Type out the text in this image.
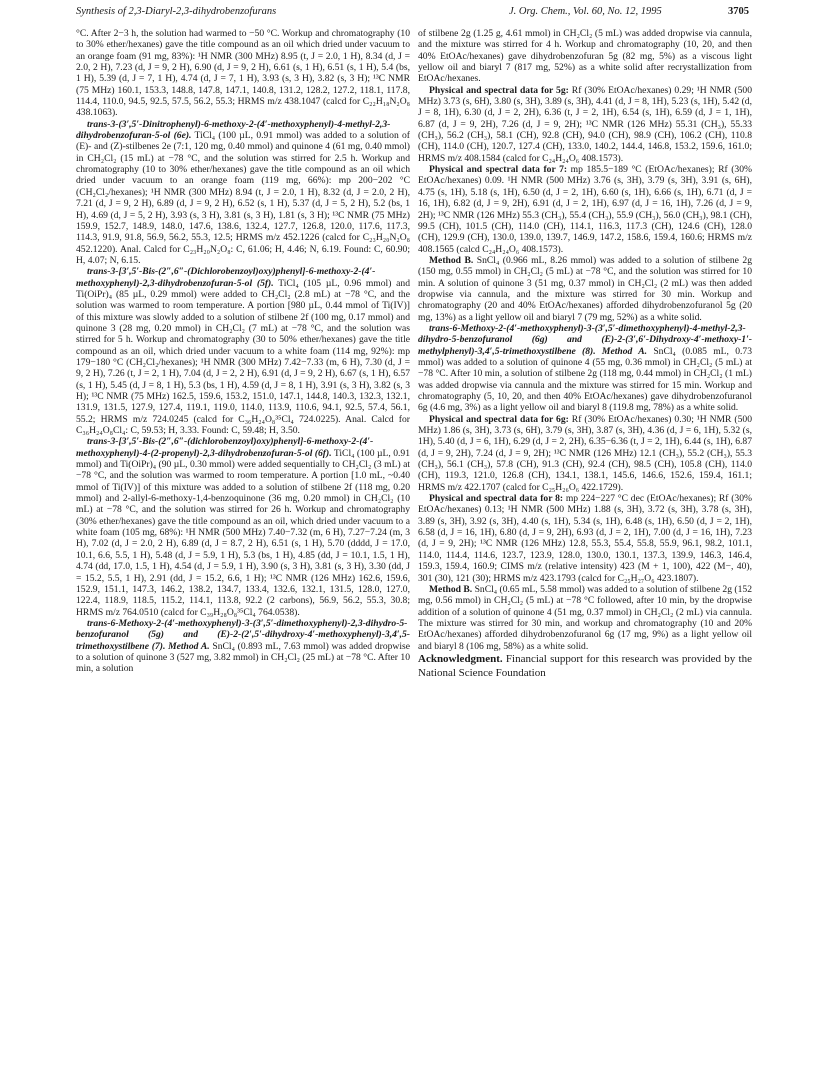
Synthesis of 2,3-Diaryl-2,3-dihydrobenzofurans	J. Org. Chem., Vol. 60, No. 12, 1995	3705

°C. After 2−3 h, the solution had warmed to −50 °C. Workup and chromatography (10 to 30% ether/hexanes) gave the title compound as an oil which dried under vacuum to an orange foam (91 mg, 83%): ¹H NMR (300 MHz) 8.95 (t, J = 2.0, 1 H), 8.34 (d, J = 2.0, 2 H), 7.23 (d, J = 9, 2 H), 6.90 (d, J = 9, 2 H), 6.61 (s, 1 H), 6.51 (s, 1 H), 5.4 (bs, 1 H), 5.39 (d, J = 7, 1 H), 4.74 (d, J = 7, 1 H), 3.93 (s, 3 H), 3.82 (s, 3 H); ¹³C NMR (75 MHz) 160.1, 153.3, 148.8, 147.8, 147.1, 140.8, 131.2, 128.2, 127.2, 118.1, 117.8, 114.4, 110.0, 94.5, 92.5, 57.5, 56.2, 55.3; HRMS m/z 438.1047 (calcd for C₂₂H₁₈N₂O₈ 438.1063).

trans-3-(3′,5′-Dinitrophenyl)-6-methoxy-2-(4′-methoxyphenyl)-4-methyl-2,3-dihydrobenzofuran-5-ol (6e). TiCl₄ (100 µL, 0.91 mmol) was added to a solution of (E)- and (Z)-stilbenes 2e (7:1, 120 mg, 0.40 mmol) and quinone 4 (61 mg, 0.40 mmol) in CH₂Cl₂ (15 mL) at −78 °C, and the solution was stirred for 2.5 h. Workup and chromatography (10 to 30% ether/hexanes) gave the title compound as an oil which dried under vacuum to an orange foam (119 mg, 66%): mp 200−202 °C (CH₂Cl₂/hexanes); ¹H NMR (300 MHz) 8.94 (t, J = 2.0, 1 H), 8.32 (d, J = 2.0, 2 H), 7.21 (d, J = 9, 2 H), 6.89 (d, J = 9, 2 H), 6.52 (s, 1 H), 5.37 (d, J = 5, 2 H), 5.2 (bs, 1 H), 4.69 (d, J = 5, 2 H), 3.93 (s, 3 H), 3.81 (s, 3 H), 1.81 (s, 3 H); ¹³C NMR (75 MHz) 159.9, 152.7, 148.9, 148.0, 147.6, 138.6, 132.4, 127.7, 126.8, 120.0, 117.6, 117.3, 114.3, 91.9, 91.8, 56.9, 56.2, 55.3, 12.5; HRMS m/z 452.1226 (calcd for C₂₃H₂₀N₂O₈ 452.1220). Anal. Calcd for C₂₃H₂₀N₂O₈: C, 61.06; H, 4.46; N, 6.19. Found: C, 60.90; H, 4.07; N, 6.15.

trans-3-[3′,5′-Bis-(2″,6″-(Dichlorobenzoyl)oxy)phenyl]-6-methoxy-2-(4′-methoxyphenyl)-2,3-dihydrobenzofuran-5-ol (5f). TiCl₄ (105 µL, 0.96 mmol) and Ti(OiPr)₄ (85 µL, 0.29 mmol) were added to CH₂Cl₂ (2.8 mL) at −78 °C, and the solution was warmed to room temperature. A portion [980 µL, 0.44 mmol of Ti(IV)] of this mixture was slowly added to a solution of stilbene 2f (100 mg, 0.17 mmol) and quinone 3 (28 mg, 0.20 mmol) in CH₂Cl₂ (7 mL) at −78 °C, and the solution was stirred for 5 h. Workup and chromatography (30 to 50% ether/hexanes) gave the title compound as an oil, which dried under vacuum to a white foam (114 mg, 92%): mp 179−180 °C (CH₂Cl₂/hexanes); ¹H NMR (300 MHz) 7.42−7.33 (m, 6 H), 7.30 (d, J = 9, 2 H), 7.26 (t, J = 2, 1 H), 7.04 (d, J = 2, 2 H), 6.91 (d, J = 9, 2 H), 6.67 (s, 1 H), 6.57 (s, 1 H), 5.45 (d, J = 8, 1 H), 5.3 (bs, 1 H), 4.59 (d, J = 8, 1 H), 3.91 (s, 3 H), 3.82 (s, 3 H); ¹³C NMR (75 MHz) 162.5, 159.6, 153.2, 151.0, 147.1, 144.8, 140.3, 132.3, 132.1, 131.9, 131.5, 127.9, 127.4, 119.1, 119.0, 114.0, 113.9, 110.6, 94.1, 92.5, 57.4, 56.1, 55.2; HRMS m/z 724.0245 (calcd for C₃₆H₂₄O₈³⁵Cl₄ 724.0225). Anal. Calcd for C₃₆H₂₄O₈Cl₄: C, 59.53; H, 3.33. Found: C, 59.48; H, 3.50.

trans-3-[3′,5′-Bis-(2″,6″-(dichlorobenzoyl)oxy)phenyl]-6-methoxy-2-(4′-methoxyphenyl)-4-(2-propenyl)-2,3-dihydrobenzofuran-5-ol (6f). TiCl₄ (100 µL, 0.91 mmol) and Ti(OiPr)₄ (90 µL, 0.30 mmol) were added sequentially to CH₂Cl₂ (3 mL) at −78 °C, and the solution was warmed to room temperature. A portion [1.0 mL, ~0.40 mmol of Ti(IV)] of this mixture was added to a solution of stilbene 2f (118 mg, 0.20 mmol) and 2-allyl-6-methoxy-1,4-benzoquinone (36 mg, 0.20 mmol) in CH₂Cl₂ (10 mL) at −78 °C, and the solution was stirred for 26 h. Workup and chromatography (30% ether/hexanes) gave the title compound as an oil, which dried under vacuum to a white foam (105 mg, 68%): ¹H NMR (500 MHz) 7.40−7.32 (m, 6 H), 7.27−7.24 (m, 3 H), 7.02 (d, J = 2.0, 2 H), 6.89 (d, J = 8.7, 2 H), 6.51 (s, 1 H), 5.70 (dddd, J = 17.0, 10.1, 6.6, 5.5, 1 H), 5.48 (d, J = 5.9, 1 H), 5.3 (bs, 1 H), 4.85 (dd, J = 10.1, 1.5, 1 H), 4.74 (dd, 17.0, 1.5, 1 H), 4.54 (d, J = 5.9, 1 H), 3.90 (s, 3 H), 3.81 (s, 3 H), 3.30 (dd, J = 15.2, 5.5, 1 H), 2.91 (dd, J = 15.2, 6.6, 1 H); ¹³C NMR (126 MHz) 162.6, 159.6, 152.9, 151.1, 147.3, 146.2, 138.2, 134.7, 133.4, 132.6, 132.1, 131.5, 128.0, 127.0, 122.4, 118.9, 118.5, 115.2, 114.1, 113.8, 92.2 (2 carbons), 56.9, 56.2, 55.3, 30.8; HRMS m/z 764.0510 (calcd for C₃₉H₂₈O₈³⁵Cl₄ 764.0538).

trans-6-Methoxy-2-(4′-methoxyphenyl)-3-(3′,5′-dimethoxyphenyl)-2,3-dihydro-5-benzofuranol (5g) and (E)-2-(2′,5′-dihydroxy-4′-methoxyphenyl)-3,4′,5-trimethoxystilbene (7). Method A. SnCl₄ (0.893 mL, 7.63 mmol) was added dropwise to a solution of quinone 3 (527 mg, 3.82 mmol) in CH₂Cl₂ (25 mL) at −78 °C. After 10 min, a solution

of stilbene 2g (1.25 g, 4.61 mmol) in CH₂Cl₂ (5 mL) was added dropwise via cannula, and the mixture was stirred for 4 h. Workup and chromatography (10, 20, and then 40% EtOAc/hexanes) gave dihydrobenzofuran 5g (82 mg, 5%) as a viscous light yellow oil and biaryl 7 (817 mg, 52%) as a white solid after recrystallization from EtOAc/hexanes.

Physical and spectral data for 5g: Rf (30% EtOAc/hexanes) 0.29; ¹H NMR (500 MHz) 3.73 (s, 6H), 3.80 (s, 3H), 3.89 (s, 3H), 4.41 (d, J = 8, 1H), 5.23 (s, 1H), 5.42 (d, J = 8, 1H), 6.30 (d, J = 2, 2H), 6.36 (t, J = 2, 1H), 6.54 (s, 1H), 6.59 (d, J = 1, 1H), 6.87 (d, J = 9, 2H), 7.26 (d, J = 9, 2H); ¹³C NMR (126 MHz) 55.31 (CH₃), 55.33 (CH₃), 56.2 (CH₃), 58.1 (CH), 92.8 (CH), 94.0 (CH), 98.9 (CH), 106.2 (CH), 110.8 (CH), 114.0 (CH), 120.7, 127.4 (CH), 133.0, 140.2, 144.4, 146.8, 153.2, 159.6, 161.0; HRMS m/z 408.1584 (calcd for C₂₄H₂₄O₆ 408.1573).

Physical and spectral data for 7: mp 185.5−189 °C (EtOAc/hexanes); Rf (30% EtOAc/hexanes) 0.09. ¹H NMR (500 MHz) 3.76 (s, 3H), 3.79 (s, 3H), 3.91 (s, 6H), 4.75 (s, 1H), 5.18 (s, 1H), 6.50 (d, J = 2, 1H), 6.60 (s, 1H), 6.66 (s, 1H), 6.71 (d, J = 16, 1H), 6.82 (d, J = 9, 2H), 6.91 (d, J = 2, 1H), 6.97 (d, J = 16, 1H), 7.26 (d, J = 9, 2H); ¹³C NMR (126 MHz) 55.3 (CH₃), 55.4 (CH₃), 55.9 (CH₃), 56.0 (CH₃), 98.1 (CH), 99.5 (CH), 101.5 (CH), 114.0 (CH), 114.1, 116.3, 117.3 (CH), 124.6 (CH), 128.0 (CH), 129.9 (CH), 130.0, 139.0, 139.7, 146.9, 147.2, 158.6, 159.4, 160.6; HRMS m/z 408.1565 (calcd C₂₄H₂₄O₆ 408.1573).

Method B. SnCl₄ (0.966 mL, 8.26 mmol) was added to a solution of stilbene 2g (150 mg, 0.55 mmol) in CH₂Cl₂ (5 mL) at −78 °C, and the solution was stirred for 10 min. A solution of quinone 3 (51 mg, 0.37 mmol) in CH₂Cl₂ (2 mL) was then added dropwise via cannula, and the mixture was stirred for 30 min. Workup and chromatography (20 and 40% EtOAc/hexanes) afforded dihydrobenzofuranol 5g (20 mg, 13%) as a light yellow oil and biaryl 7 (79 mg, 52%) as a white solid.

trans-6-Methoxy-2-(4′-methoxyphenyl)-3-(3′,5′-dimethoxyphenyl)-4-methyl-2,3-dihydro-5-benzofuranol (6g) and (E)-2-(3′,6′-Dihydroxy-4′-methoxy-1′-methylphenyl)-3,4′,5-trimethoxystilbene (8). Method A. SnCl₄ (0.085 mL, 0.73 mmol) was added to a solution of quinone 4 (55 mg, 0.36 mmol) in CH₂Cl₂ (5 mL) at −78 °C. After 10 min, a solution of stilbene 2g (118 mg, 0.44 mmol) in CH₂Cl₂ (1 mL) was added dropwise via cannula and the mixture was stirred for 15 min. Workup and chromatography (5, 10, 20, and then 40% EtOAc/hexanes) gave dihydrobenzofuranol 6g (4.6 mg, 3%) as a light yellow oil and biaryl 8 (119.8 mg, 78%) as a white solid.

Physical and spectral data for 6g: Rf (30% EtOAc/hexanes) 0.30; ¹H NMR (500 MHz) 1.86 (s, 3H), 3.73 (s, 6H), 3.79 (s, 3H), 3.87 (s, 3H), 4.36 (d, J = 6, 1H), 5.32 (s, 1H), 5.40 (d, J = 6, 1H), 6.29 (d, J = 2, 2H), 6.35−6.36 (t, J = 2, 1H), 6.44 (s, 1H), 6.87 (d, J = 9, 2H), 7.24 (d, J = 9, 2H); ¹³C NMR (126 MHz) 12.1 (CH₃), 55.2 (CH₃), 55.3 (CH₃), 56.1 (CH₃), 57.8 (CH), 91.3 (CH), 92.4 (CH), 98.5 (CH), 105.8 (CH), 114.0 (CH), 119.3, 121.0, 126.8 (CH), 134.1, 138.1, 145.6, 146.6, 152.6, 159.4, 161.1; HRMS m/z 422.1707 (calcd for C₂₅H₂₆O₆ 422.1729).

Physical and spectral data for 8: mp 224−227 °C dec (EtOAc/hexanes); Rf (30% EtOAc/hexanes) 0.13; ¹H NMR (500 MHz) 1.88 (s, 3H), 3.72 (s, 3H), 3.78 (s, 3H), 3.89 (s, 3H), 3.92 (s, 3H), 4.40 (s, 1H), 5.34 (s, 1H), 6.48 (s, 1H), 6.50 (d, J = 2, 1H), 6.58 (d, J = 16, 1H), 6.80 (d, J = 9, 2H), 6.93 (d, J = 2, 1H), 7.00 (d, J = 16, 1H), 7.23 (d, J = 9, 2H); ¹³C NMR (126 MHz) 12.8, 55.3, 55.4, 55.8, 55.9, 96.1, 98.2, 101.1, 114.0, 114.4, 114.6, 123.7, 123.9, 128.0, 130.0, 130.1, 137.3, 139.9, 146.3, 146.4, 159.3, 159.4, 160.9; CIMS m/z (relative intensity) 423 (M + 1, 100), 422 (M−, 40), 301 (30), 121 (30); HRMS m/z 423.1793 (calcd for C₂₅H₂₇O₆ 423.1807).

Method B. SnCl₄ (0.65 mL, 5.58 mmol) was added to a solution of stilbene 2g (152 mg, 0.56 mmol) in CH₂Cl₂ (5 mL) at −78 °C followed, after 10 min, by the dropwise addition of a solution of quinone 4 (51 mg, 0.37 mmol) in CH₂Cl₂ (2 mL) via cannula. The mixture was stirred for 30 min, and workup and chromatography (10 and 20% EtOAc/hexanes) afforded dihydrobenzofuranol 6g (17 mg, 9%) as a light yellow oil and biaryl 8 (106 mg, 58%) as a white solid.

Acknowledgment. Financial support for this research was provided by the National Science Foundation
